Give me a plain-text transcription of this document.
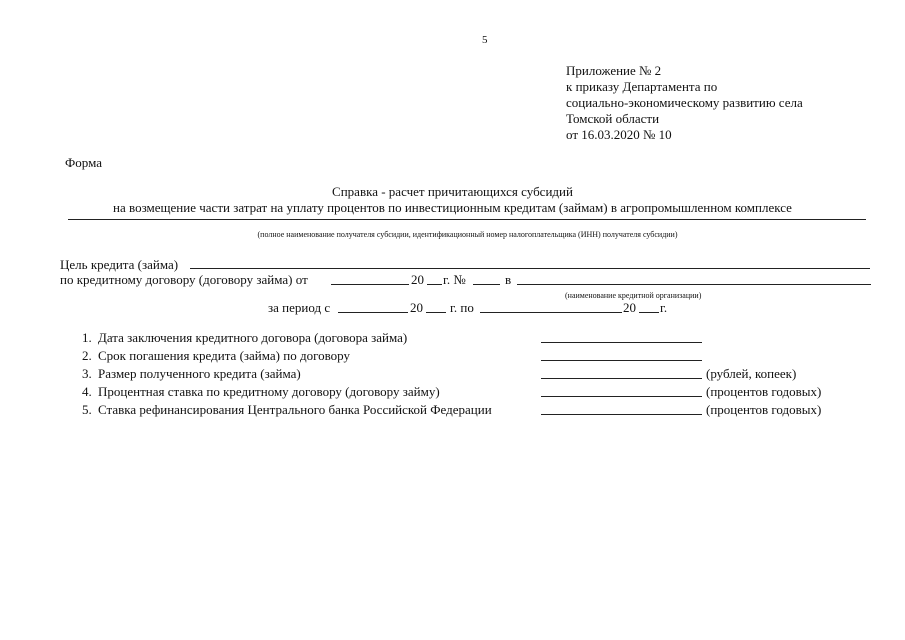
5
Приложение № 2
к приказу Департамента по
социально-экономическому развитию села
Томской области
от 16.03.2020 № 10
Форма
Справка - расчет причитающихся субсидий
на возмещение части затрат на уплату процентов по инвестиционным кредитам (займам) в агропромышленном комплексе
(полное наименование получателя субсидии, идентификационный номер налогоплательщика (ИНН) получателя субсидии)
Цель кредита (займа)
по кредитному договору (договору займа) от	20 г. №	в
(наименование кредитной организации)
за период с	20 г. по	20 г.
1. Дата заключения кредитного договора (договора займа)
2. Срок погашения кредита (займа) по договору
3. Размер полученного кредита (займа)	(рублей, копеек)
4. Процентная ставка по кредитному договору (договору займу)	(процентов годовых)
5. Ставка рефинансирования Центрального банка Российской Федерации	(процентов годовых)
